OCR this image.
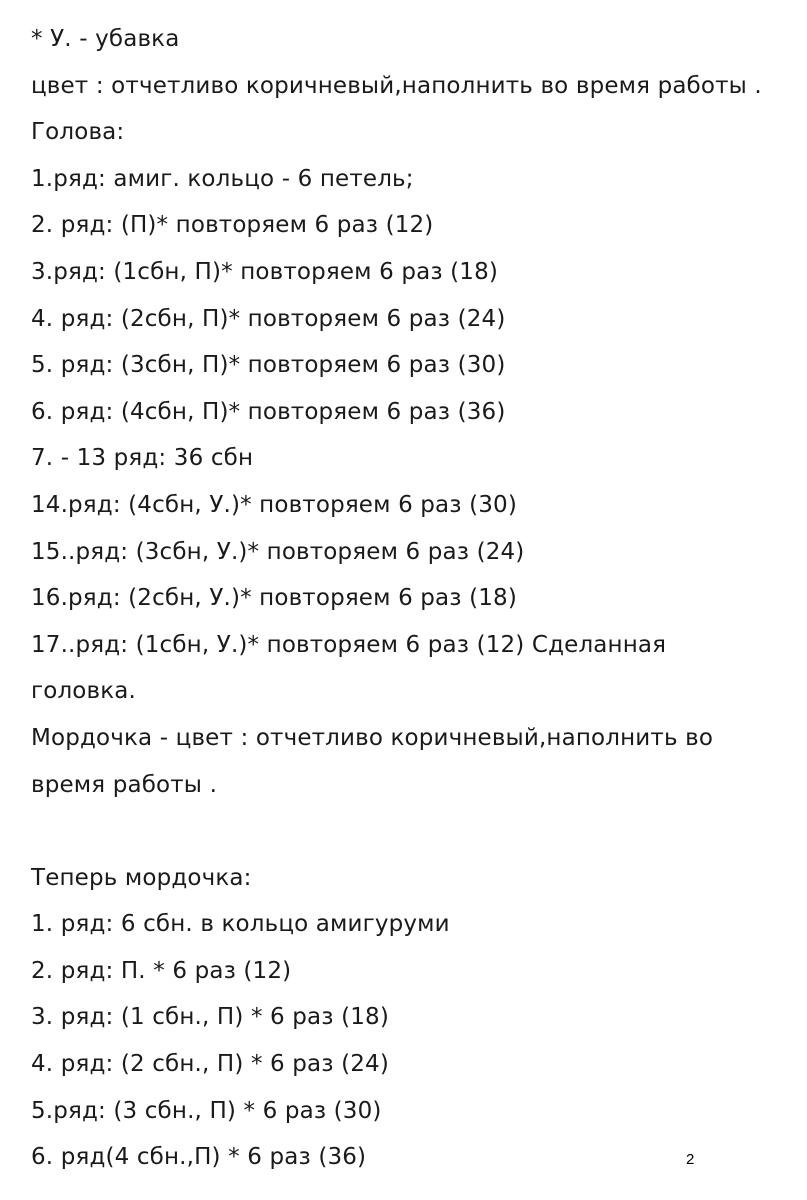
* У. - убавка
цвет : отчетливо коричневый,наполнить во время работы .
Голова:
1.ряд: амиг. кольцо - 6 петель;
2. ряд: (П)* повторяем 6 раз (12)
3.ряд: (1сбн, П)* повторяем 6 раз (18)
4. ряд: (2сбн, П)* повторяем 6 раз (24)
5. ряд: (3сбн, П)* повторяем 6 раз (30)
6. ряд: (4сбн, П)* повторяем 6 раз (36)
7. - 13 ряд: 36 сбн
14.ряд: (4сбн, У.)* повторяем 6 раз (30)
15..ряд: (3сбн, У.)* повторяем 6 раз (24)
16.ряд: (2сбн, У.)* повторяем 6 раз (18)
17..ряд: (1сбн, У.)* повторяем 6 раз (12) Сделанная
головка.
Мордочка - цвет : отчетливо коричневый,наполнить во
время работы .
Теперь мордочка:
1. ряд: 6 сбн. в кольцо амигуруми
2. ряд: П. * 6 раз (12)
3. ряд: (1 сбн., П) * 6 раз (18)
4. ряд: (2 сбн., П) * 6 раз (24)
5.ряд: (3 сбн., П) * 6 раз (30)
6. ряд(4 сбн.,П) * 6 раз (36)	2
